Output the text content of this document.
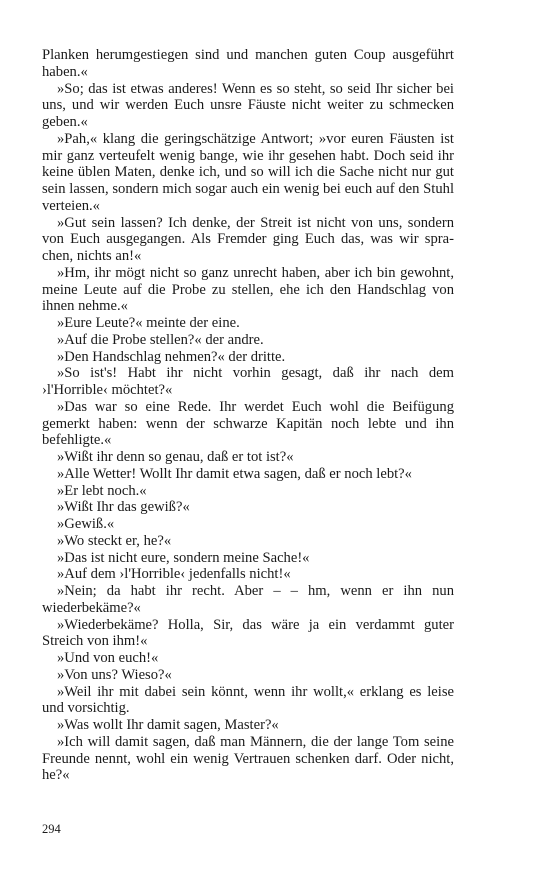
Planken herumgestiegen sind und manchen guten Coup ausgeführt haben.«

»So; das ist etwas anderes! Wenn es so steht, so seid Ihr sicher bei uns, und wir werden Euch unsre Fäuste nicht weiter zu schmecken geben.«

»Pah,« klang die geringschätzige Antwort; »vor euren Fäusten ist mir ganz verteufelt wenig bange, wie ihr gesehen habt. Doch seid ihr keine üblen Maten, denke ich, und so will ich die Sache nicht nur gut sein lassen, sondern mich sogar auch ein wenig bei euch auf den Stuhl verteien.«

»Gut sein lassen? Ich denke, der Streit ist nicht von uns, sondern von Euch ausgegangen. Als Fremder ging Euch das, was wir sprachen, nichts an!«

»Hm, ihr mögt nicht so ganz unrecht haben, aber ich bin gewohnt, meine Leute auf die Probe zu stellen, ehe ich den Handschlag von ihnen nehme.«

»Eure Leute?« meinte der eine.

»Auf die Probe stellen?« der andre.

»Den Handschlag nehmen?« der dritte.

»So ist's! Habt ihr nicht vorhin gesagt, daß ihr nach dem ›l'Horrible‹ möchtet?«

»Das war so eine Rede. Ihr werdet Euch wohl die Beifügung gemerkt haben: wenn der schwarze Kapitän noch lebte und ihn befehligte.«

»Wißt ihr denn so genau, daß er tot ist?«

»Alle Wetter! Wollt Ihr damit etwa sagen, daß er noch lebt?«

»Er lebt noch.«

»Wißt Ihr das gewiß?«

»Gewiß.«

»Wo steckt er, he?«

»Das ist nicht eure, sondern meine Sache!«

»Auf dem ›l'Horrible‹ jedenfalls nicht!«

»Nein; da habt ihr recht. Aber – – hm, wenn er ihn nun wiederbekäme?«

»Wiederbekäme? Holla, Sir, das wäre ja ein verdammt guter Streich von ihm!«

»Und von euch!«

»Von uns? Wieso?«

»Weil ihr mit dabei sein könnt, wenn ihr wollt,« erklang es leise und vorsichtig.

»Was wollt Ihr damit sagen, Master?«

»Ich will damit sagen, daß man Männern, die der lange Tom seine Freunde nennt, wohl ein wenig Vertrauen schenken darf. Oder nicht, he?«

294
